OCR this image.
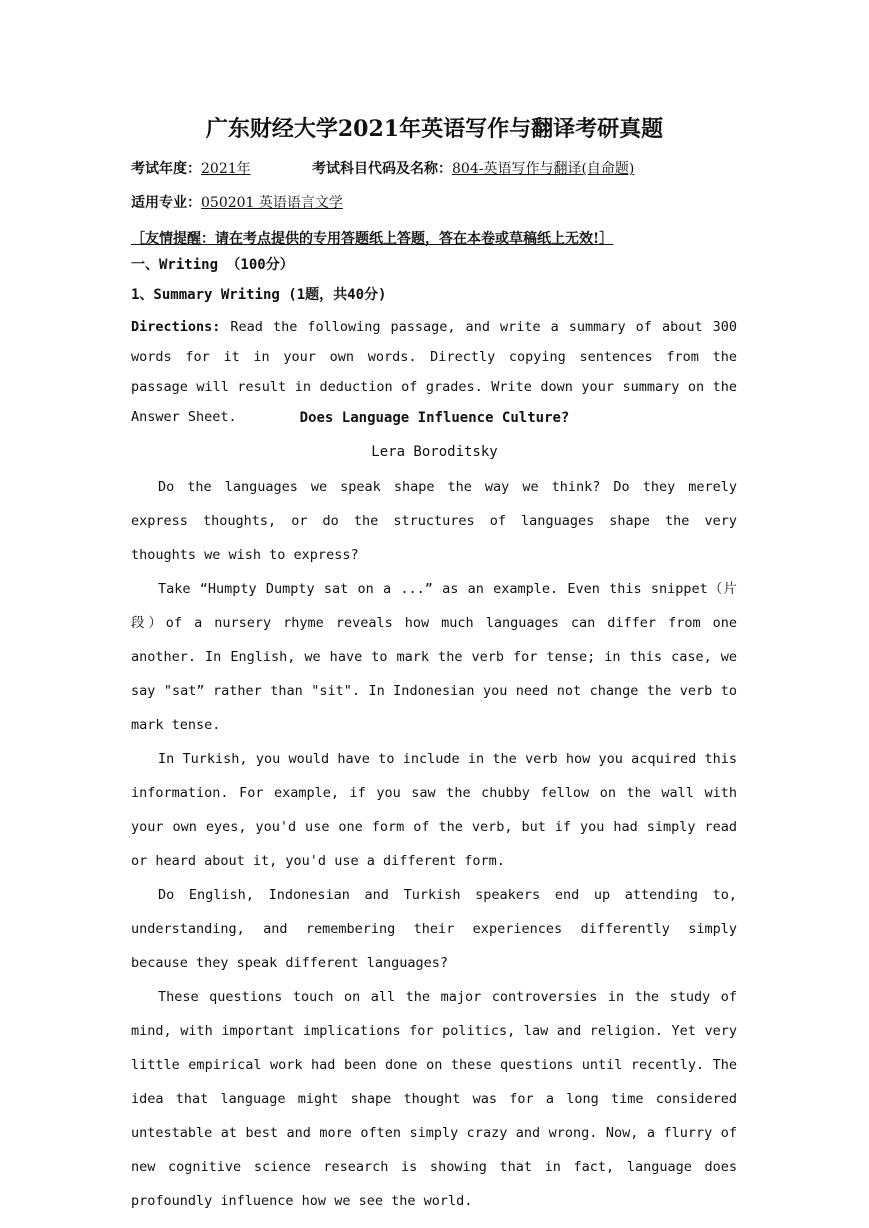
广东财经大学2021年英语写作与翻译考研真题
考试年度：2021年	考试科目代码及名称：804-英语写作与翻译(自命题)
适用专业：050201 英语语言文学
［友情提醒：请在考点提供的专用答题纸上答题，答在本卷或草稿纸上无效!］
一、Writing （100分）
1、Summary Writing (1题，共40分)
Directions: Read the following passage, and write a summary of about 300 words for it in your own words. Directly copying sentences from the passage will result in deduction of grades. Write down your summary on the Answer Sheet.	Does Language Influence Culture?
Lera Boroditsky

Do the languages we speak shape the way we think? Do they merely express thoughts, or do the structures of languages shape the very thoughts we wish to express?

Take “Humpty Dumpty sat on a ...” as an example. Even this snippet（片段）of a nursery rhyme reveals how much languages can differ from one another. In English, we have to mark the verb for tense; in this case, we say "sat” rather than "sit". In Indonesian you need not change the verb to mark tense.

In Turkish, you would have to include in the verb how you acquired this information. For example, if you saw the chubby fellow on the wall with your own eyes, you'd use one form of the verb, but if you had simply read or heard about it, you'd use a different form.

Do English, Indonesian and Turkish speakers end up attending to, understanding, and remembering their experiences differently simply because they speak different languages?

These questions touch on all the major controversies in the study of mind, with important implications for politics, law and religion. Yet very little empirical work had been done on these questions until recently. The idea that language might shape thought was for a long time considered untestable at best and more often simply crazy and wrong. Now, a flurry of new cognitive science research is showing that in fact, language does profoundly influence how we see the world.
